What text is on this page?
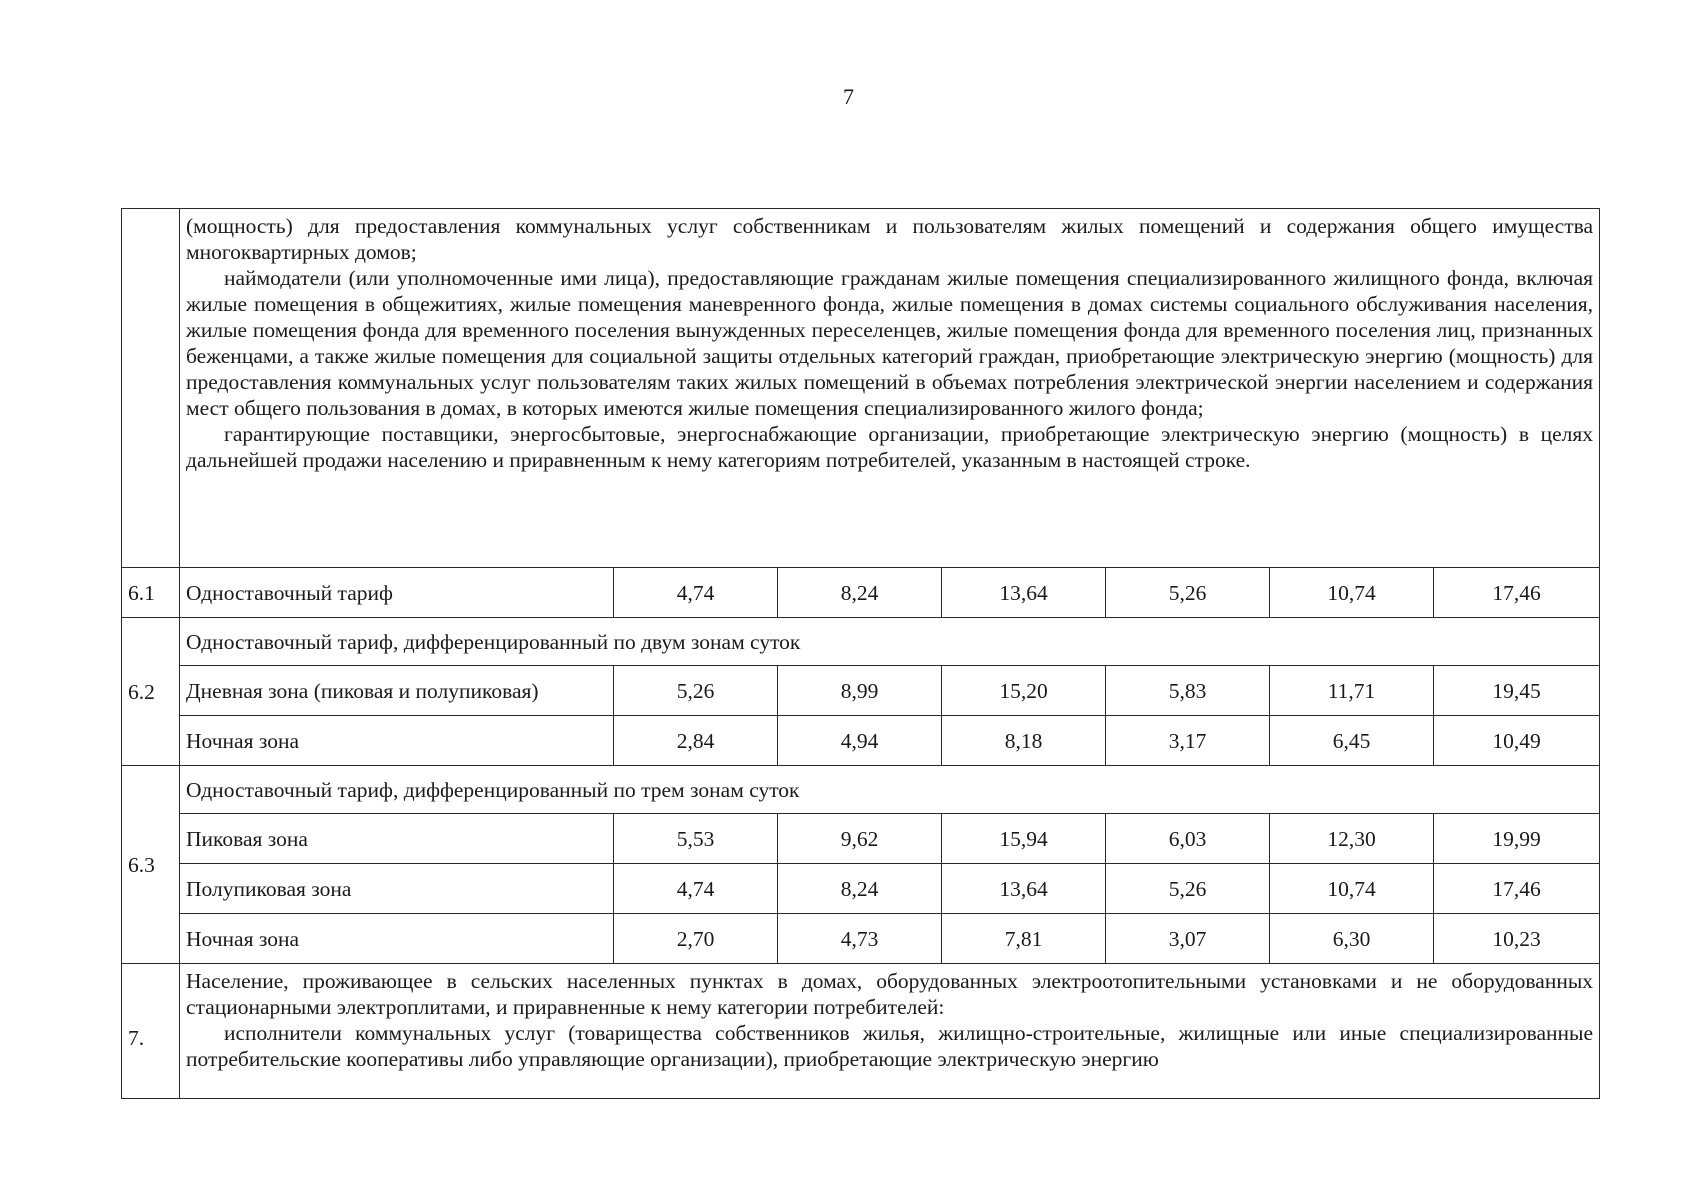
7

	(мощность) для предоставления коммунальных услуг собственникам и пользователям жилых помещений и содержания общего имущества многоквартирных домов;

наймодатели (или уполномоченные ими лица), предоставляющие гражданам жилые помещения специализированного жилищного фонда, включая жилые помещения в общежитиях, жилые помещения маневренного фонда, жилые помещения в домах системы социального обслуживания населения, жилые помещения фонда для временного поселения вынужденных переселенцев, жилые помещения фонда для временного поселения лиц, признанных беженцами, а также жилые помещения для социальной защиты отдельных категорий граждан, приобретающие электрическую энергию (мощность) для предоставления коммунальных услуг пользователям таких жилых помещений в объемах потребления электрической энергии населением и содержания мест общего пользования в домах, в которых имеются жилые помещения специализированного жилого фонда;

гарантирующие поставщики, энергосбытовые, энергоснабжающие организации, приобретающие электрическую энергию (мощность) в целях дальнейшей продажи населению и приравненным к нему категориям потребителей, указанным в настоящей строке.						

6.1	Одноставочный тариф	4,74	8,24	13,64	5,26	10,74	17,46
6.2	Одноставочный тариф, дифференцированный по двум зонам суток						
	Дневная зона (пиковая и полупиковая)	5,26	8,99	15,20	5,83	11,71	19,45
	Ночная зона	2,84	4,94	8,18	3,17	6,45	10,49
6.3	Одноставочный тариф, дифференцированный по трем зонам суток						
	Пиковая зона	5,53	9,62	15,94	6,03	12,30	19,99
	Полупиковая зона	4,74	8,24	13,64	5,26	10,74	17,46
	Ночная зона	2,70	4,73	7,81	3,07	6,30	10,23
7.	Население, проживающее в сельских населенных пунктах в домах, оборудованных электроотопительными установками и не оборудованных стационарными электроплитами, и приравненные к нему категории потребителей:

исполнители коммунальных услуг (товарищества собственников жилья, жилищно-строительные, жилищные или иные специализированные потребительские кооперативы либо управляющие организации), приобретающие электрическую энергию						
